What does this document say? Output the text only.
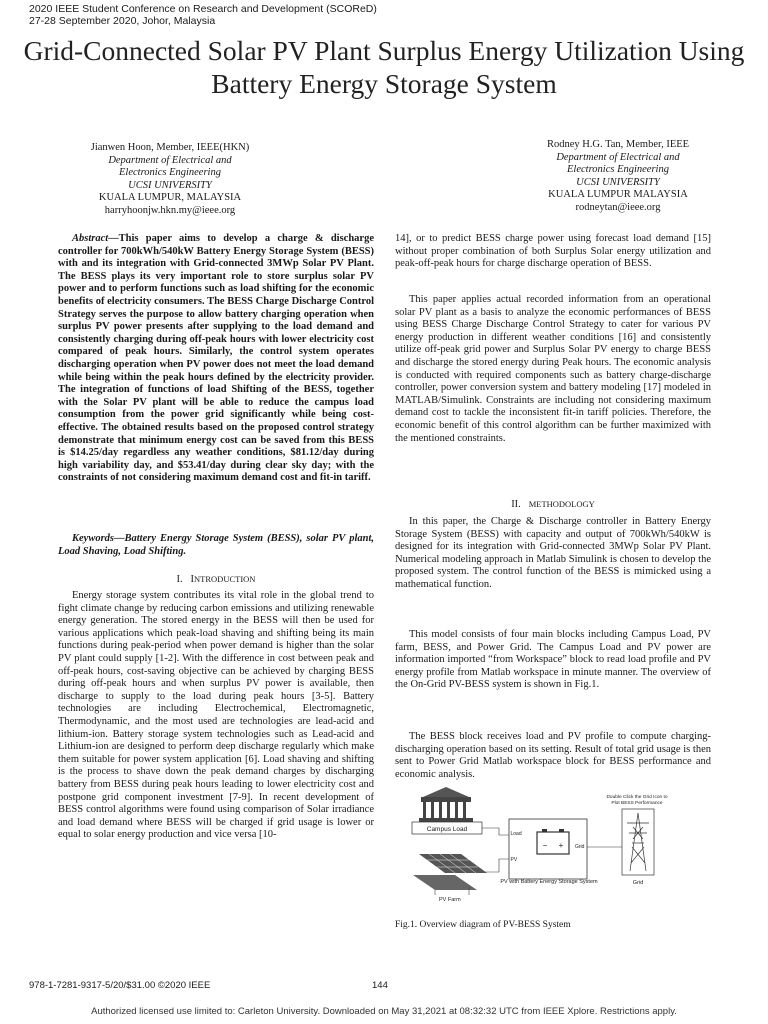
2020 IEEE Student Conference on Research and Development (SCOReD)
27-28 September 2020, Johor, Malaysia
Grid-Connected Solar PV Plant Surplus Energy Utilization Using Battery Energy Storage System
Jianwen Hoon, Member, IEEE(HKN)
Department of Electrical and
Electronics Engineering
UCSI UNIVERSITY
KUALA LUMPUR, MALAYSIA
harryhoonjw.hkn.my@ieee.org
Rodney H.G. Tan, Member, IEEE
Department of Electrical and
Electronics Engineering
UCSI UNIVERSITY
KUALA LUMPUR MALAYSIA
rodneytan@ieee.org

Abstract—This paper aims to develop a charge & discharge controller for 700kWh/540kW Battery Energy Storage System (BESS) with and its integration with Grid-connected 3MWp Solar PV Plant. The BESS plays its very important role to store surplus solar PV power and to perform functions such as load shifting for the economic benefits of electricity consumers. The BESS Charge Discharge Control Strategy serves the purpose to allow battery charging operation when surplus PV power presents after supplying to the load demand and consistently charging during off-peak hours with lower electricity cost compared of peak hours. Similarly, the control system operates discharging operation when PV power does not meet the load demand while being within the peak hours defined by the electricity provider. The integration of functions of load Shifting of the BESS, together with the Solar PV plant will be able to reduce the campus load consumption from the power grid significantly while being cost-effective. The obtained results based on the proposed control strategy demonstrate that minimum energy cost can be saved from this BESS is $14.25/day regardless any weather conditions, $81.12/day during high variability day, and $53.41/day during clear sky day; with the constraints of not considering maximum demand cost and fit-in tariff.

Keywords—Battery Energy Storage System (BESS), solar PV plant, Load Shaving, Load Shifting.
I. INTRODUCTION

Energy storage system contributes its vital role in the global trend to fight climate change by reducing carbon emissions and utilizing renewable energy generation. The stored energy in the BESS will then be used for various applications which peak-load shaving and shifting being its main functions during peak-period when power demand is higher than the solar PV plant could supply [1-2]. With the difference in cost between peak and off-peak hours, cost-saving objective can be achieved by charging BESS during off-peak hours and when surplus PV power is available, then discharge to supply to the load during peak hours [3-5]. Battery technologies are including Electrochemical, Electromagnetic, Thermodynamic, and the most used are technologies are lead-acid and lithium-ion. Battery storage system technologies such as Lead-acid and Lithium-ion are designed to perform deep discharge regularly which make them suitable for power system application [6]. Load shaving and shifting is the process to shave down the peak demand charges by discharging battery from BESS during peak hours leading to lower electricity cost and postpone grid component investment [7-9]. In recent development of BESS control algorithms were found using comparison of Solar irradiance and load demand where BESS will be charged if grid usage is lower or equal to solar energy production and vice versa [10-

14], or to predict BESS charge power using forecast load demand [15] without proper combination of both Surplus Solar energy utilization and peak-off-peak hours for charge discharge operation of BESS.

This paper applies actual recorded information from an operational solar PV plant as a basis to analyze the economic performances of BESS using BESS Charge Discharge Control Strategy to cater for various PV energy production in different weather conditions [16] and consistently utilize off-peak grid power and Surplus Solar PV energy to charge BESS and discharge the stored energy during Peak hours. The economic analysis is conducted with required components such as battery charge-discharge controller, power conversion system and battery modeling [17] modeled in MATLAB/Simulink. Constraints are including not considering maximum demand cost to tackle the inconsistent fit-in tariff policies. Therefore, the economic benefit of this control algorithm can be further maximized with the mentioned constraints.

II. METHODOLOGY

In this paper, the Charge & Discharge controller in Battery Energy Storage System (BESS) with capacity and output of 700kWh/540kW is designed for its integration with Grid-connected 3MWp Solar PV Plant. Numerical modeling approach in Matlab Simulink is chosen to develop the proposed system. The control function of the BESS is mimicked using a mathematical function.

This model consists of four main blocks including Campus Load, PV farm, BESS, and Power Grid. The Campus Load and PV power are information imported “from Workspace” block to read load profile and PV energy profile from Matlab workspace in minute manner. The overview of the On-Grid PV-BESS system is shown in Fig.1.

The BESS block receives load and PV profile to compute charging-discharging operation based on its setting. Result of total grid usage is then sent to Power Grid Matlab workspace block for BESS performance and economic analysis.

Campus Load
Load
PV
Grid
− +
PV with Battery Energy Storage System
Double Click the Grid Icon to
Plot BESS Performance
Grid
PV Farm
Fig.1. Overview diagram of PV-BESS System
978-1-7281-9317-5/20/$31.00 ©2020 IEEE	144
Authorized licensed use limited to: Carleton University. Downloaded on May 31,2021 at 08:32:32 UTC from IEEE Xplore. Restrictions apply.
